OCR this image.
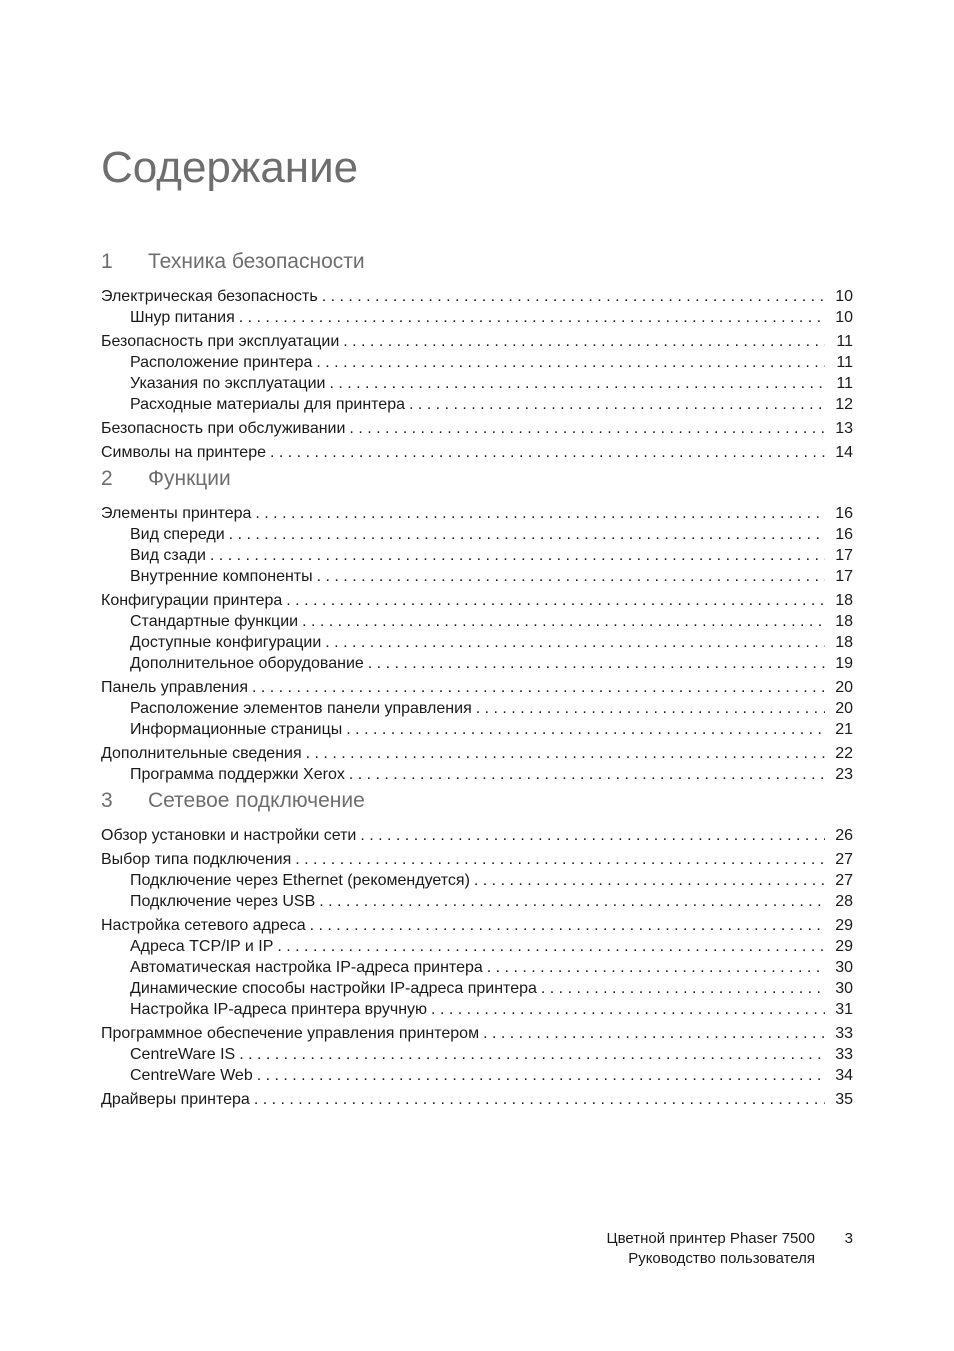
Содержание
1	Техника безопасности
Электрическая безопасность . . .	10
Шнур питания . . .	10
Безопасность при эксплуатации . . .	11
Расположение принтера . . .	11
Указания по эксплуатации . . .	11
Расходные материалы для принтера . . .	12
Безопасность при обслуживании . . .	13
Символы на принтере . . .	14
2	Функции
Элементы принтера . . .	16
Вид спереди . . .	16
Вид сзади . . .	17
Внутренние компоненты . . .	17
Конфигурации принтера . . .	18
Стандартные функции . . .	18
Доступные конфигурации . . .	18
Дополнительное оборудование . . .	19
Панель управления . . .	20
Расположение элементов панели управления . . .	20
Информационные страницы . . .	21
Дополнительные сведения . . .	22
Программа поддержки Xerox . . .	23
3	Сетевое подключение
Обзор установки и настройки сети . . .	26
Выбор типа подключения . . .	27
Подключение через Ethernet (рекомендуется) . . .	27
Подключение через USB . . .	28
Настройка сетевого адреса . . .	29
Адреса TCP/IP и IP . . .	29
Автоматическая настройка IP-адреса принтера . . .	30
Динамические способы настройки IP-адреса принтера . . .	30
Настройка IP-адреса принтера вручную . . .	31
Программное обеспечение управления принтером . . .	33
CentreWare IS . . .	33
CentreWare Web . . .	34
Драйверы принтера . . .	35
Цветной принтер Phaser 7500	3
Руководство пользователя
